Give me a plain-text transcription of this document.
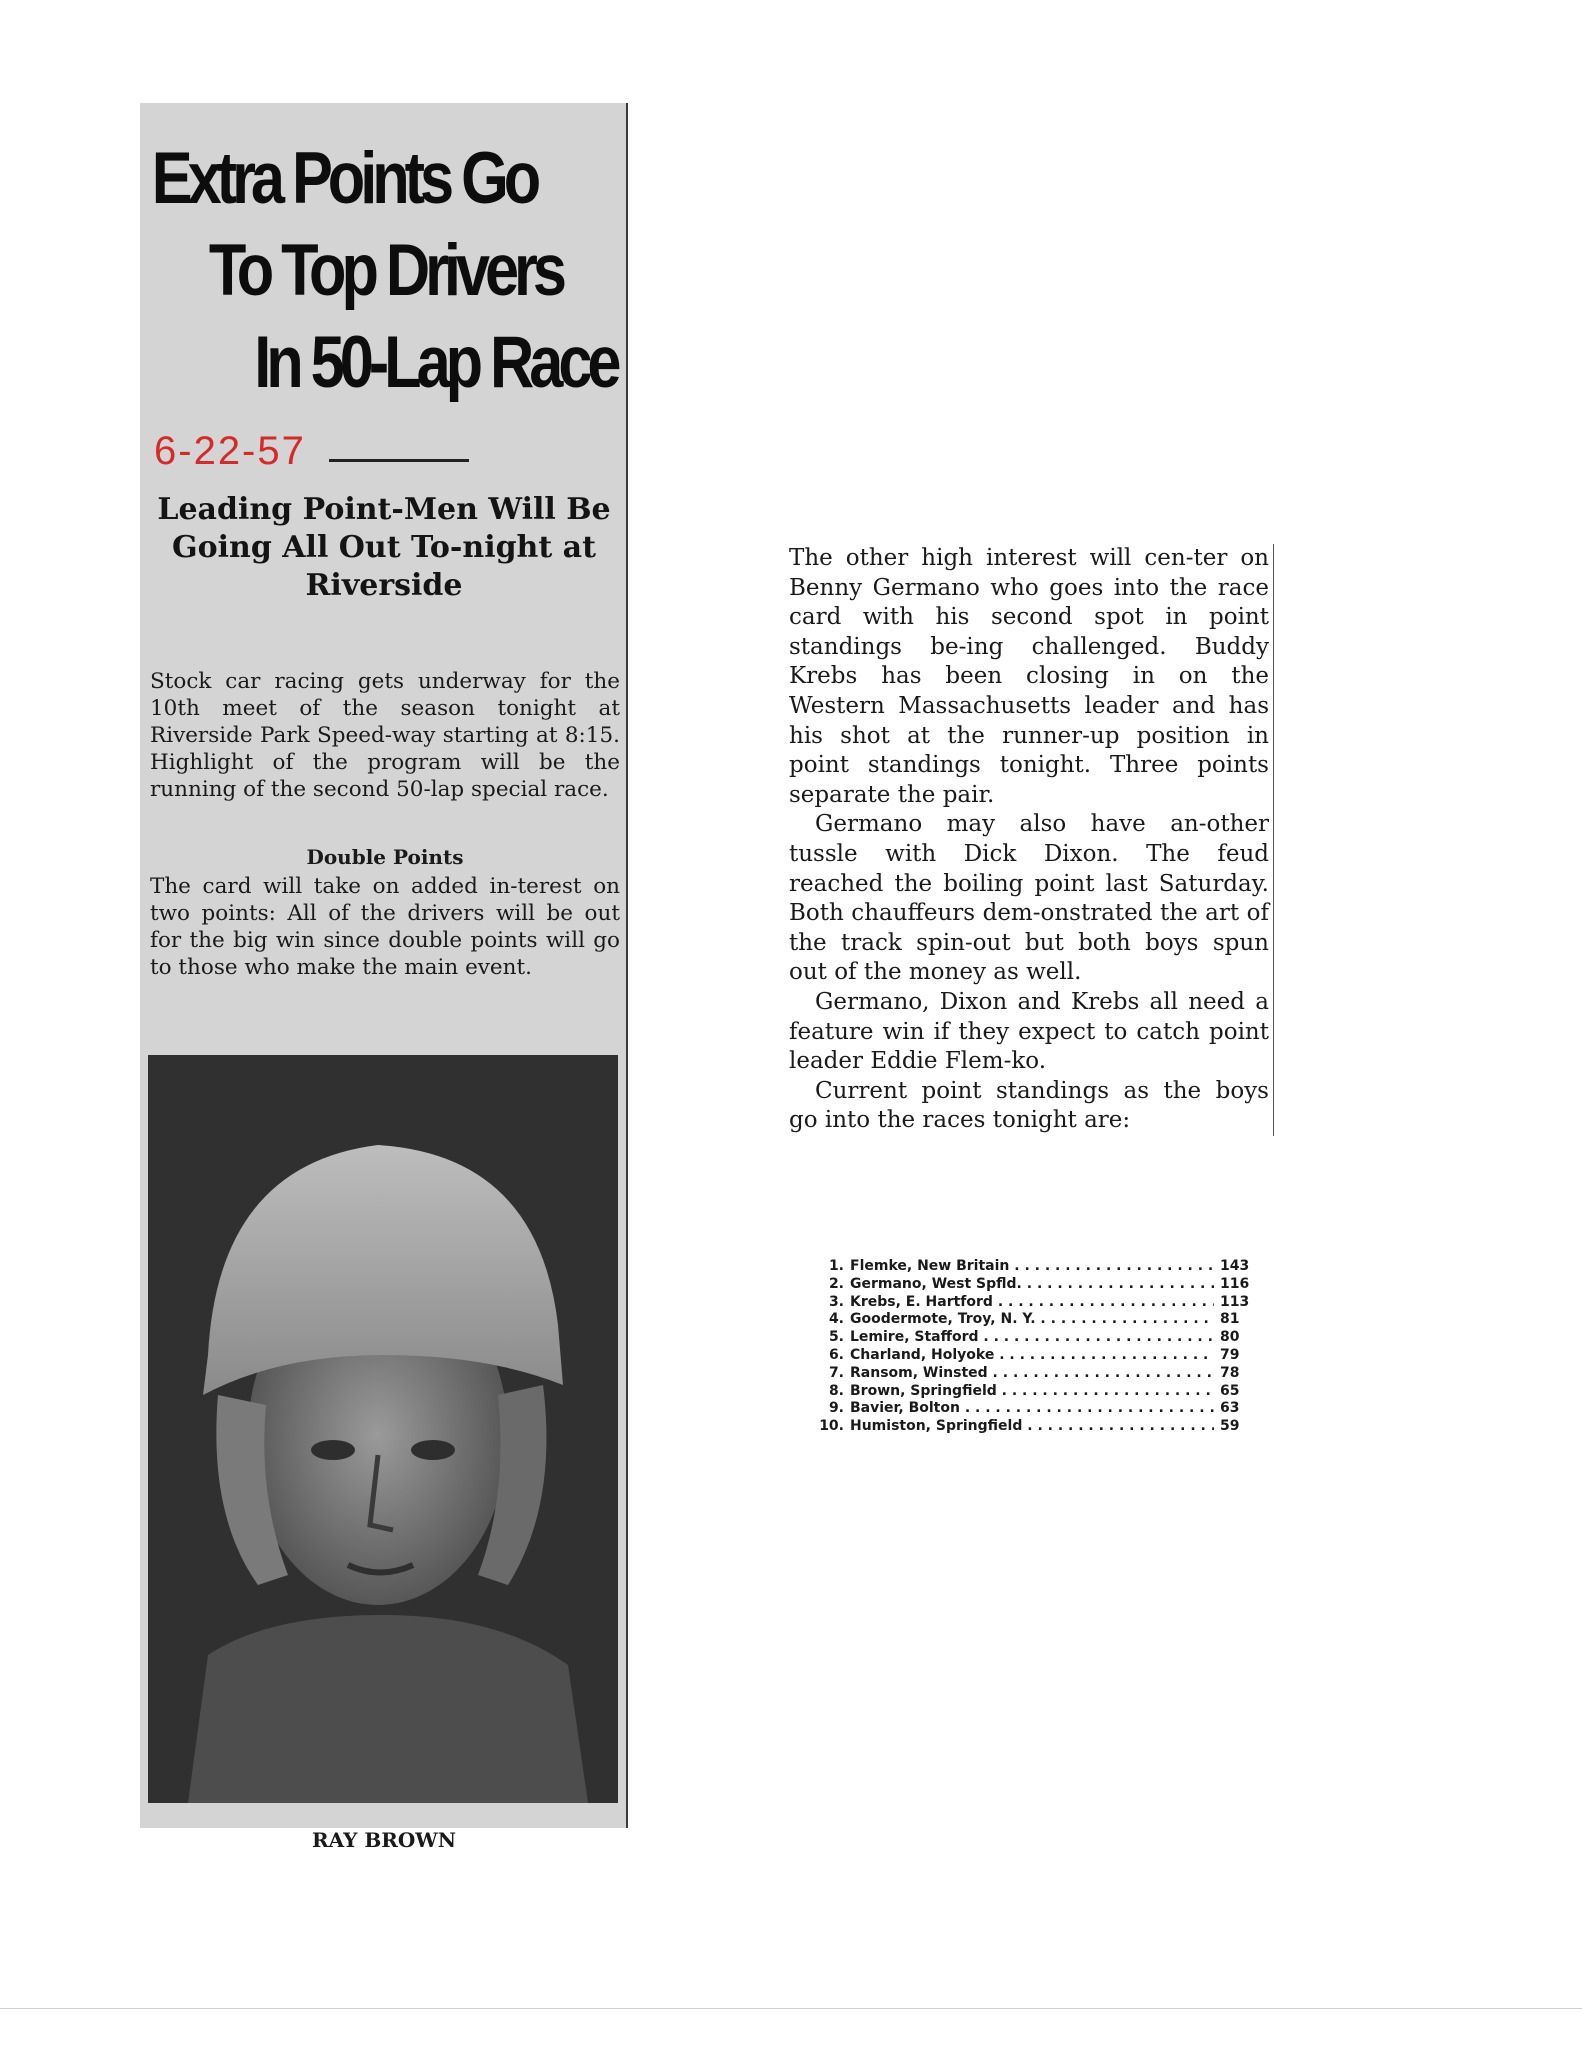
Extra Points Go
To Top Drivers
In 50-Lap Race
6-22-57
Leading Point-Men Will Be Going All Out To-night at Riverside
Stock car racing gets underway for the 10th meet of the season tonight at Riverside Park Speed-way starting at 8:15. Highlight of the program will be the running of the second 50-lap special race.
Double Points
The card will take on added in-terest on two points: All of the drivers will be out for the big win since double points will go to those who make the main event.
RAY BROWN

The other high interest will cen-ter on Benny Germano who goes into the race card with his second spot in point standings be-ing challenged. Buddy Krebs has been closing in on the Western Massachusetts leader and has his shot at the runner-up position in point standings tonight. Three points separate the pair.

Germano may also have an-other tussle with Dick Dixon. The feud reached the boiling point last Saturday. Both chauffeurs dem-onstrated the art of the track spin-out but both boys spun out of the money as well.

Germano, Dixon and Krebs all need a feature win if they expect to catch point leader Eddie Flem-ko.

Current point standings as the boys go into the races tonight are:

1. Flemke, New Britain . . .	143
2. Germano, West Spfld. . . .	116
3. Krebs, E. Hartford . . .	113
4. Goodermote, Troy, N. Y. . . .	81
5. Lemire, Stafford . . .	80
6. Charland, Holyoke . . .	79
7. Ransom, Winsted . . .	78
8. Brown, Springfield . . .	65
9. Bavier, Bolton . . .	63
10. Humiston, Springfield . . .	59
